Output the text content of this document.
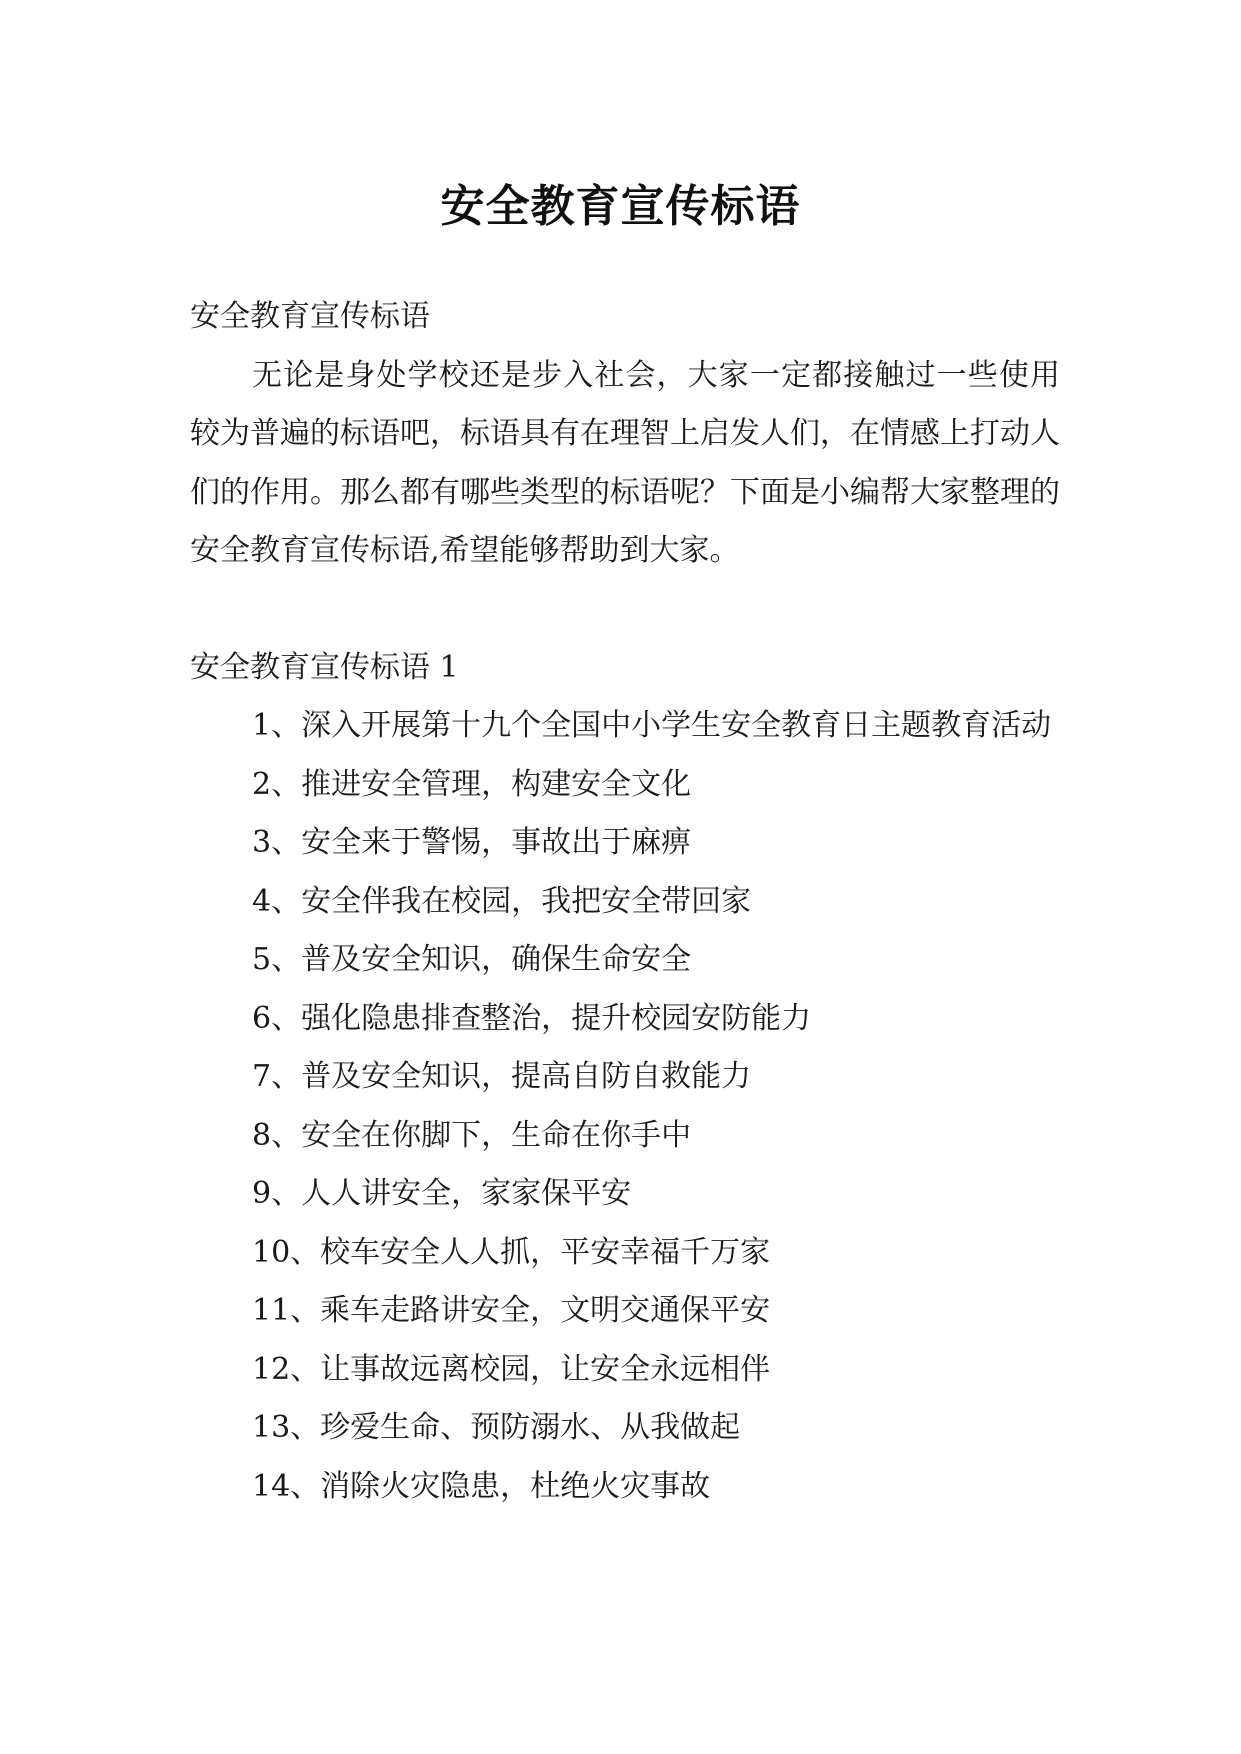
安全教育宣传标语

安全教育宣传标语

无论是身处学校还是步入社会，大家一定都接触过一些使用较为普遍的标语吧，标语具有在理智上启发人们，在情感上打动人们的作用。那么都有哪些类型的标语呢？下面是小编帮大家整理的安全教育宣传标语,希望能够帮助到大家。

安全教育宣传标语 1

1、深入开展第十九个全国中小学生安全教育日主题教育活动
2、推进安全管理，构建安全文化
3、安全来于警惕，事故出于麻痹
4、安全伴我在校园，我把安全带回家
5、普及安全知识，确保生命安全
6、强化隐患排查整治，提升校园安防能力
7、普及安全知识，提高自防自救能力
8、安全在你脚下，生命在你手中
9、人人讲安全，家家保平安
10、校车安全人人抓，平安幸福千万家
11、乘车走路讲安全，文明交通保平安
12、让事故远离校园，让安全永远相伴
13、珍爱生命、预防溺水、从我做起
14、消除火灾隐患，杜绝火灾事故
